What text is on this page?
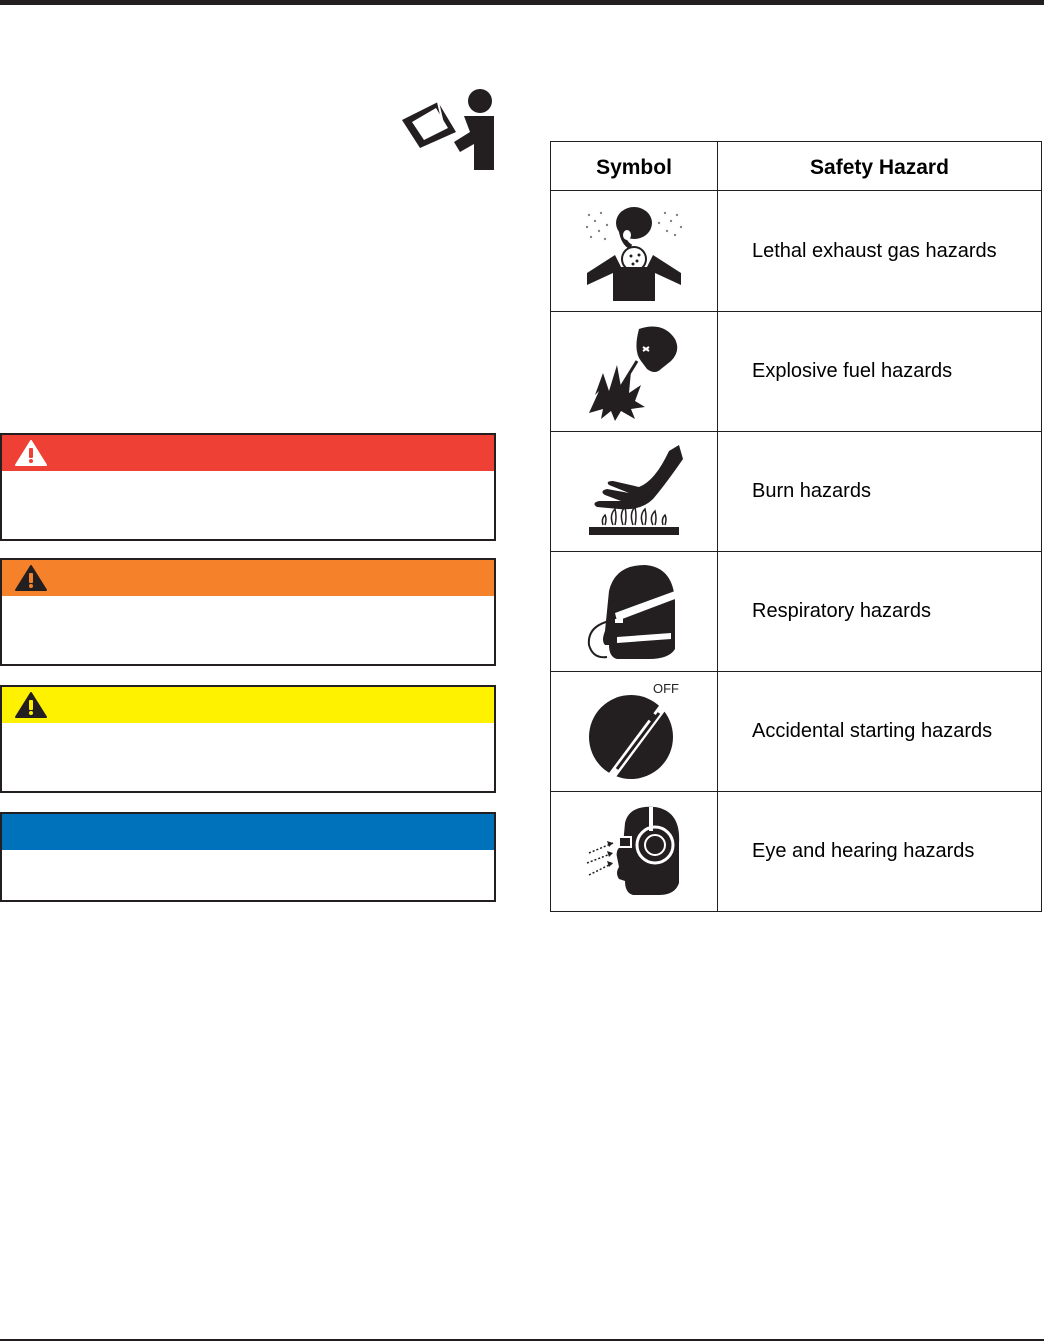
Symbol	Safety Hazard
Lethal exhaust gas hazards
Explosive fuel hazards
Burn hazards
Respiratory hazards
OFF
Accidental starting hazards
Eye and hearing hazards
